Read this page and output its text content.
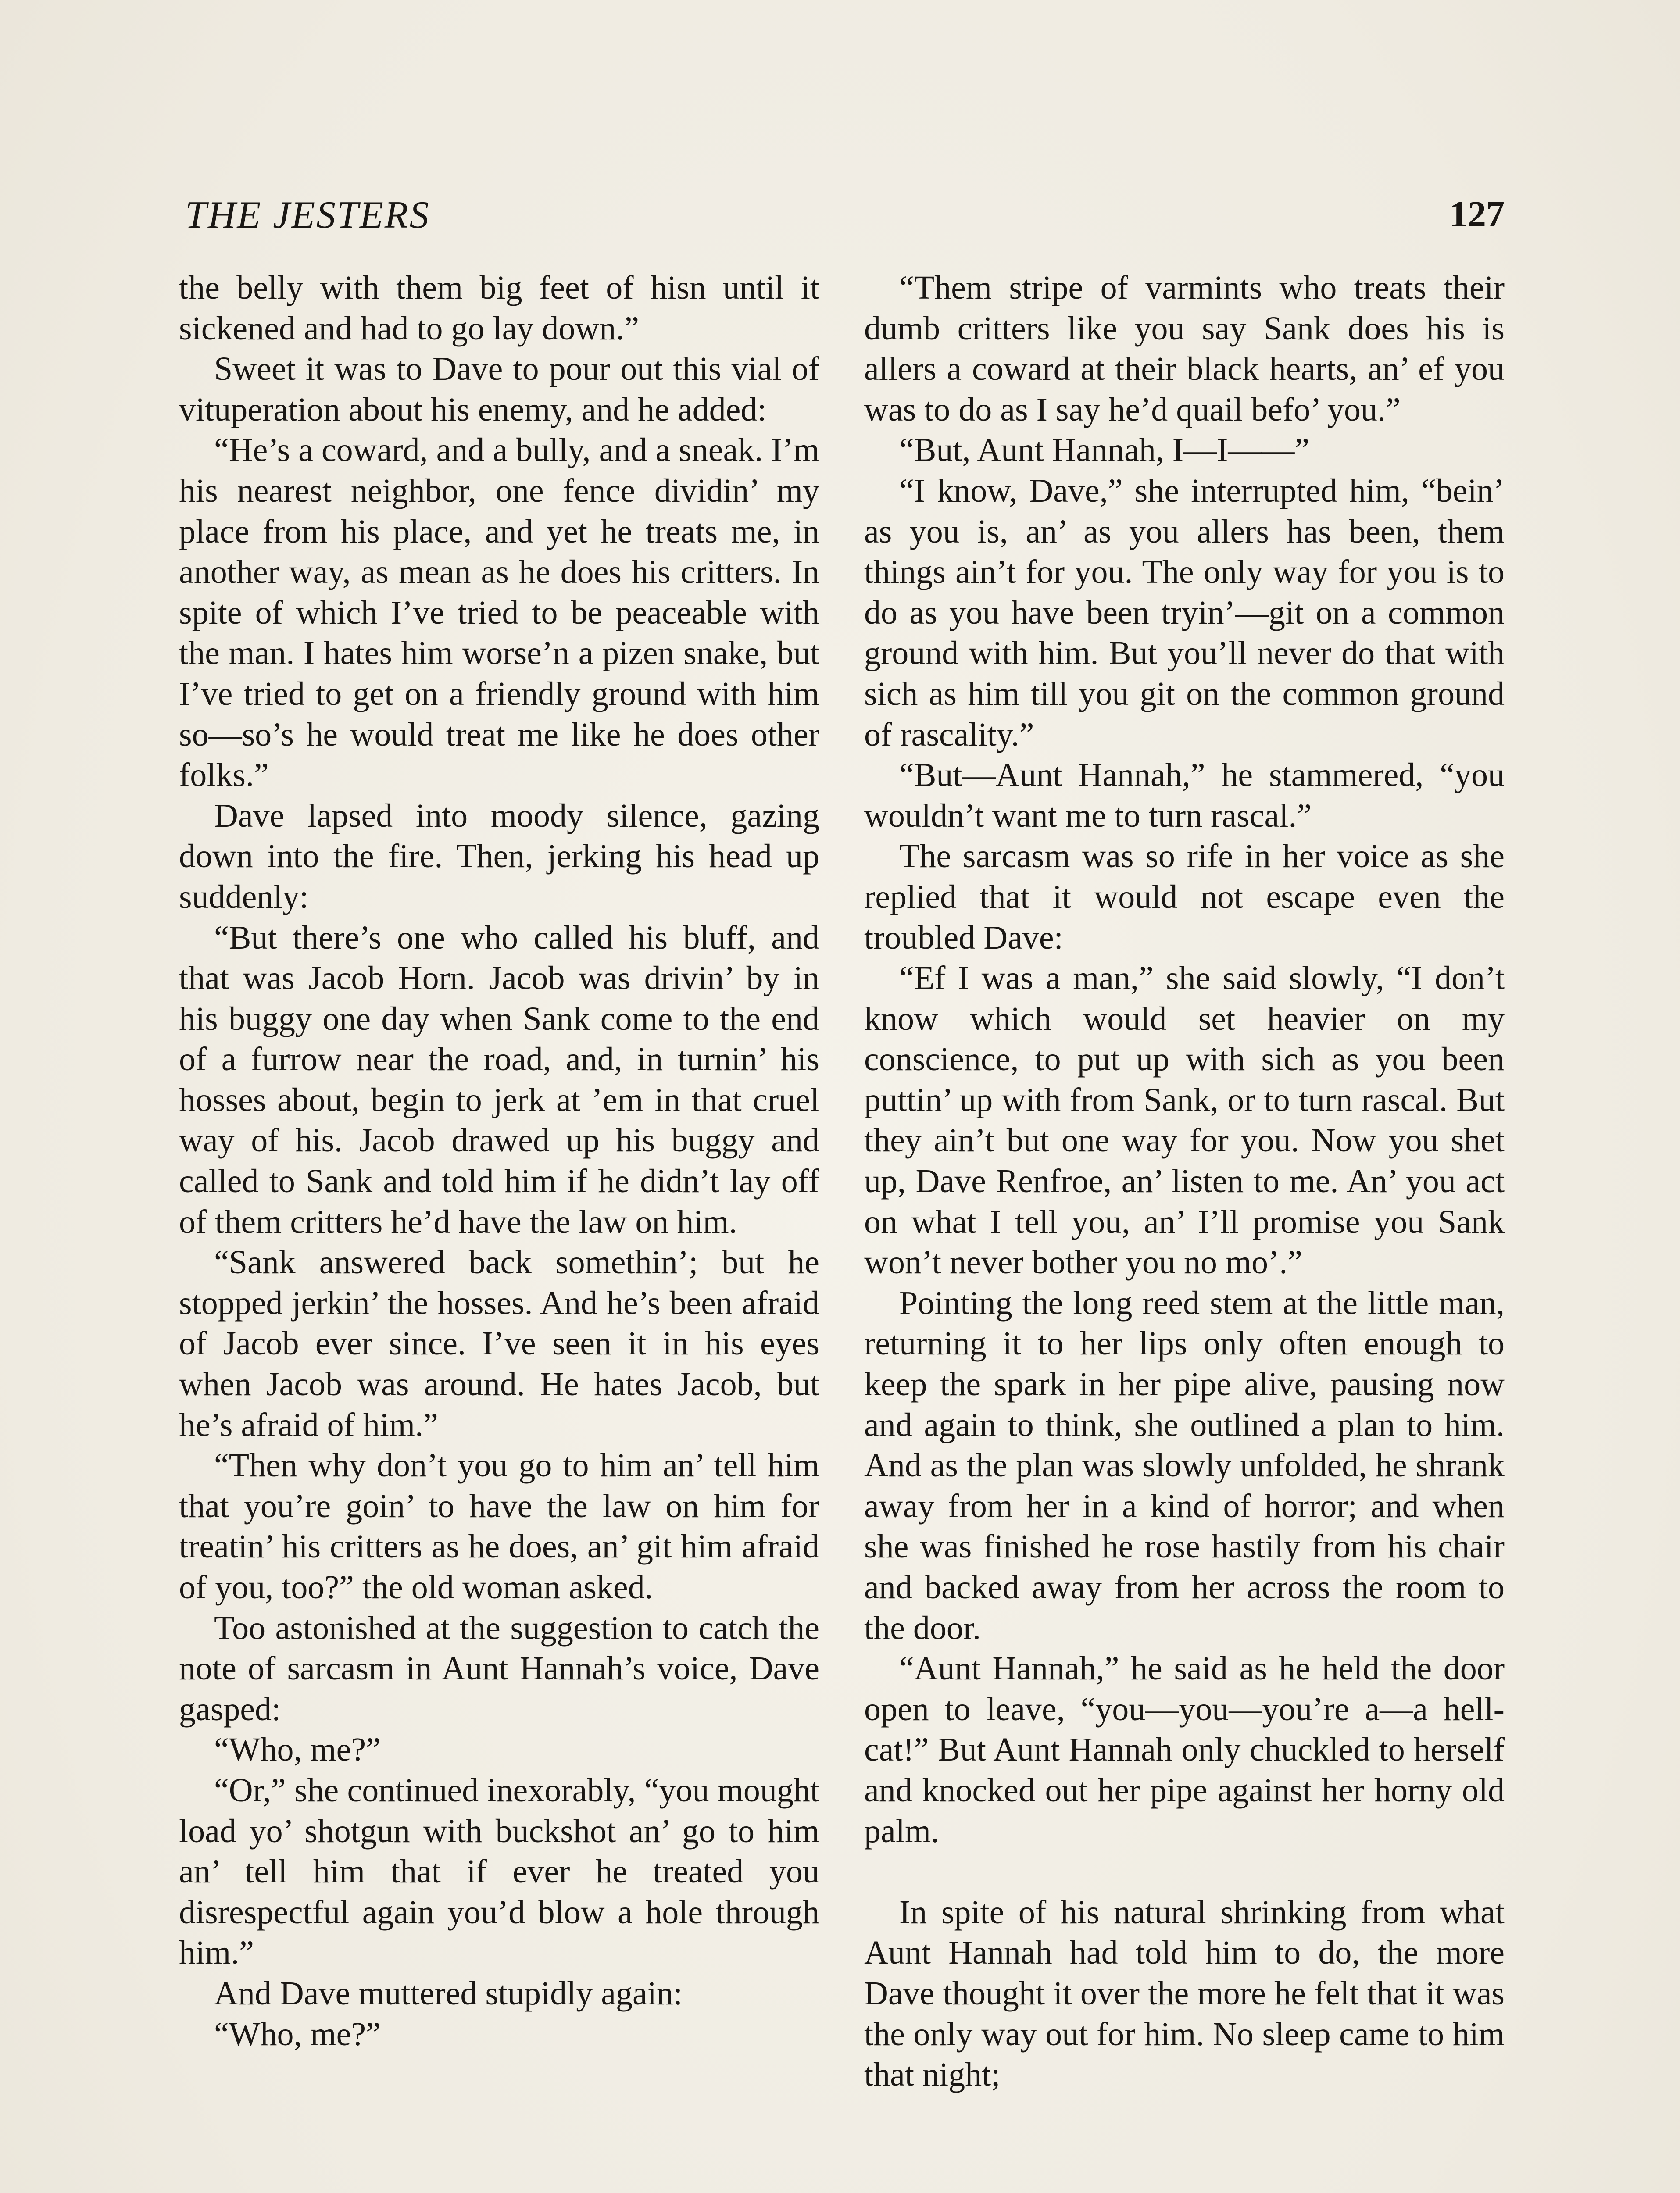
THE JESTERS	127

the belly with them big feet of hisn until it sickened and had to go lay down.”

Sweet it was to Dave to pour out this vial of vituperation about his enemy, and he added:

“He’s a coward, and a bully, and a sneak. I’m his nearest neighbor, one fence dividin’ my place from his place, and yet he treats me, in another way, as mean as he does his critters. In spite of which I’ve tried to be peaceable with the man. I hates him worse’n a pizen snake, but I’ve tried to get on a friendly ground with him so—so’s he would treat me like he does other folks.”

Dave lapsed into moody silence, gazing down into the fire. Then, jerking his head up suddenly:

“But there’s one who called his bluff, and that was Jacob Horn. Jacob was drivin’ by in his buggy one day when Sank come to the end of a furrow near the road, and, in turnin’ his hosses about, begin to jerk at ’em in that cruel way of his. Jacob drawed up his buggy and called to Sank and told him if he didn’t lay off of them critters he’d have the law on him.

“Sank answered back somethin’; but he stopped jerkin’ the hosses. And he’s been afraid of Jacob ever since. I’ve seen it in his eyes when Jacob was around. He hates Jacob, but he’s afraid of him.”

“Then why don’t you go to him an’ tell him that you’re goin’ to have the law on him for treatin’ his critters as he does, an’ git him afraid of you, too?” the old woman asked.

Too astonished at the suggestion to catch the note of sarcasm in Aunt Hannah’s voice, Dave gasped:

“Who, me?”

“Or,” she continued inexorably, “you mought load yo’ shotgun with buckshot an’ go to him an’ tell him that if ever he treated you disrespectful again you’d blow a hole through him.”

And Dave muttered stupidly again:

“Who, me?”

“Them stripe of varmints who treats their dumb critters like you say Sank does his is allers a coward at their black hearts, an’ ef you was to do as I say he’d quail befo’ you.”

“But, Aunt Hannah, I—I——”

“I know, Dave,” she interrupted him, “bein’ as you is, an’ as you allers has been, them things ain’t for you. The only way for you is to do as you have been tryin’—git on a common ground with him. But you’ll never do that with sich as him till you git on the common ground of rascality.”

“But—Aunt Hannah,” he stammered, “you wouldn’t want me to turn rascal.”

The sarcasm was so rife in her voice as she replied that it would not escape even the troubled Dave:

“Ef I was a man,” she said slowly, “I don’t know which would set heavier on my conscience, to put up with sich as you been puttin’ up with from Sank, or to turn rascal. But they ain’t but one way for you. Now you shet up, Dave Renfroe, an’ listen to me. An’ you act on what I tell you, an’ I’ll promise you Sank won’t never bother you no mo’.”

Pointing the long reed stem at the little man, returning it to her lips only often enough to keep the spark in her pipe alive, pausing now and again to think, she outlined a plan to him. And as the plan was slowly unfolded, he shrank away from her in a kind of horror; and when she was finished he rose hastily from his chair and backed away from her across the room to the door.

“Aunt Hannah,” he said as he held the door open to leave, “you—you—you’re a—a hell-cat!” But Aunt Hannah only chuckled to herself and knocked out her pipe against her horny old palm.

In spite of his natural shrinking from what Aunt Hannah had told him to do, the more Dave thought it over the more he felt that it was the only way out for him. No sleep came to him that night;
